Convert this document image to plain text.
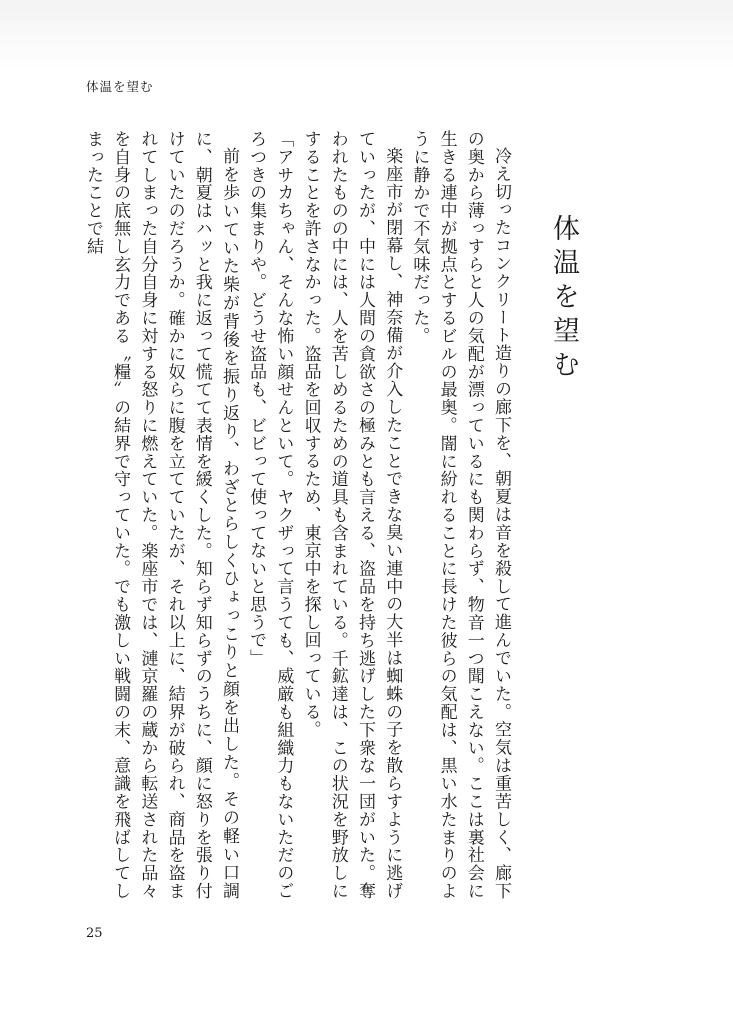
体温を望む
体温を望む

冷え切ったコンクリート造りの廊下を、朝夏は音を殺して進んでいた。空気は重苦しく、廊下の奥から薄っすらと人の気配が漂っているにも関わらず、物音一つ聞こえない。ここは裏社会に生きる連中が拠点とするビルの最奥。闇に紛れることに長けた彼らの気配は、黒い水たまりのように静かで不気味だった。

楽座市が閉幕し、神奈備が介入したことできな臭い連中の大半は蜘蛛の子を散らすように逃げていったが、中には人間の貪欲さの極みとも言える、盗品を持ち逃げした下衆な一団がいた。奪われたものの中には、人を苦しめるための道具も含まれている。千鉱達は、この状況を野放しにすることを許さなかった。盗品を回収するため、東京中を探し回っている。

「アサカちゃん、そんな怖い顔せんといて。ヤクザって言うても、威厳も組織力もないただのごろつきの集まりや。どうせ盗品も、ビビって使ってないと思うで」

前を歩いていた柴が背後を振り返り、わざとらしくひょっこりと顔を出した。その軽い口調に、朝夏はハッと我に返って慌てて表情を緩くした。知らず知らずのうちに、顔に怒りを張り付けていたのだろうか。確かに奴らに腹を立てていたが、それ以上に、結界が破られ、商品を盗まれてしまった自分自身に対する怒りに燃えていた。楽座市では、漣京羅の蔵から転送された品々を自身の底無し玄力である〝糧〟の結界で守っていた。でも激しい戦闘の末、意識を飛ばしてしまったことで結

25
